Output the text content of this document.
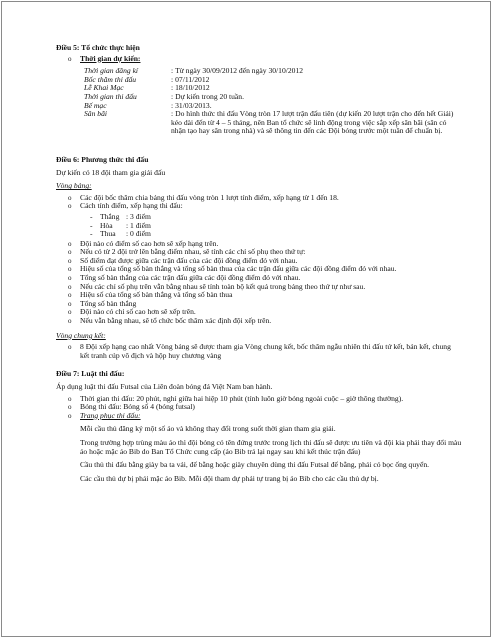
Điều 5: Tổ chức thực hiện

o	Thời gian dự kiến:
Thời gian đăng kí	: Từ ngày 30/09/2012 đến ngày 30/10/2012
Bốc thăm thi đấu	: 07/11/2012
Lễ Khai Mạc	: 18/10/2012
Thời gian thi đấu	: Dự kiến trong 20 tuần.
Bế mạc	: 31/03/2013.
Sân bãi	: Do hình thức thi đấu Vòng tròn 17 lượt trận đấu tiên (dự kiến 20 lượt trận cho đến hết Giải) kéo dài đến từ 4 – 5 tháng, nên Ban tổ chức sẽ linh động trong việc sắp xếp sân bãi (sân có nhận tạo hay sân trong nhà) và sẽ thông tin đến các Đội bóng trước một tuần để chuẩn bị.

Điều 6: Phương thức thi đấu

Dự kiến có 18 đội tham gia giải đấu

Vòng bảng:

o	Các đội bốc thăm chia bảng thi đấu vòng tròn 1 lượt tính điểm, xếp hạng từ 1 đến 18.
o	Cách tính điểm, xếp hạng thi đấu:
- Thắng : 3 điểm
- Hòa	: 1 điểm
- Thua	: 0 điểm
o	Đội nào có điểm số cao hơn sẽ xếp hạng trên.
o	Nếu có từ 2 đội trở lên bằng điểm nhau, sẽ tính các chỉ số phụ theo thứ tự:
o	Số điểm đạt được giữa các trận đấu của các đội đồng điểm đó với nhau.
o	Hiệu số của tổng số bàn thắng và tổng số bàn thua của các trận đấu giữa các đội đồng điểm đó với nhau.
o	Tổng số bàn thắng của các trận đấu giữa các đội đồng điểm đó với nhau.
o	Nếu các chỉ số phụ trên vẫn bằng nhau sẽ tính toàn bộ kết quả trong bảng theo thứ tự như sau.
o	Hiệu số của tổng số bàn thắng và tổng số bàn thua
o	Tổng số bàn thắng
o	Đội nào có chỉ số cao hơn sẽ xếp trên.
o	Nếu vẫn bằng nhau, sẽ tổ chức bốc thăm xác định đội xếp trên.

Vòng chung kết:

o	8 Đội xếp hạng cao nhất Vòng bảng sẽ được tham gia Vòng chung kết, bốc thăm ngẫu nhiên thi đấu tứ kết, bán kết, chung kết tranh cúp vô địch và hộp huy chương vàng

Điều 7: Luật thi đấu:

Áp dụng luật thi đấu Futsal của Liên đoàn bóng đá Việt Nam ban hành.

o	Thời gian thi đấu: 20 phút, nghỉ giữa hai hiệp 10 phút (tính luôn giờ bóng ngoài cuộc – giờ thông thường).
o	Bóng thi đấu: Bóng số 4 (bóng futsal)
o	Trang phục thi đấu:

Mỗi cầu thủ đăng ký một số áo và không thay đổi trong suốt thời gian tham gia giải.

Trong trường hợp trùng màu áo thì đội bóng có tên đứng trước trong lịch thi đấu sẽ được ưu tiên và đội kia phải thay đổi màu áo hoặc mặc áo Bib do Ban Tổ Chức cung cấp (áo Bib trả lại ngay sau khi kết thúc trận đấu)

Cầu thủ thi đấu bằng giày ba ta vải, đế bằng hoặc giày chuyên dùng thi đấu Futsal đế bằng, phải có bọc ống quyển.

Các cầu thủ dự bị phải mặc áo Bib. Mỗi đội tham dự phải tự trang bị áo Bib cho các cầu thủ dự bị.
